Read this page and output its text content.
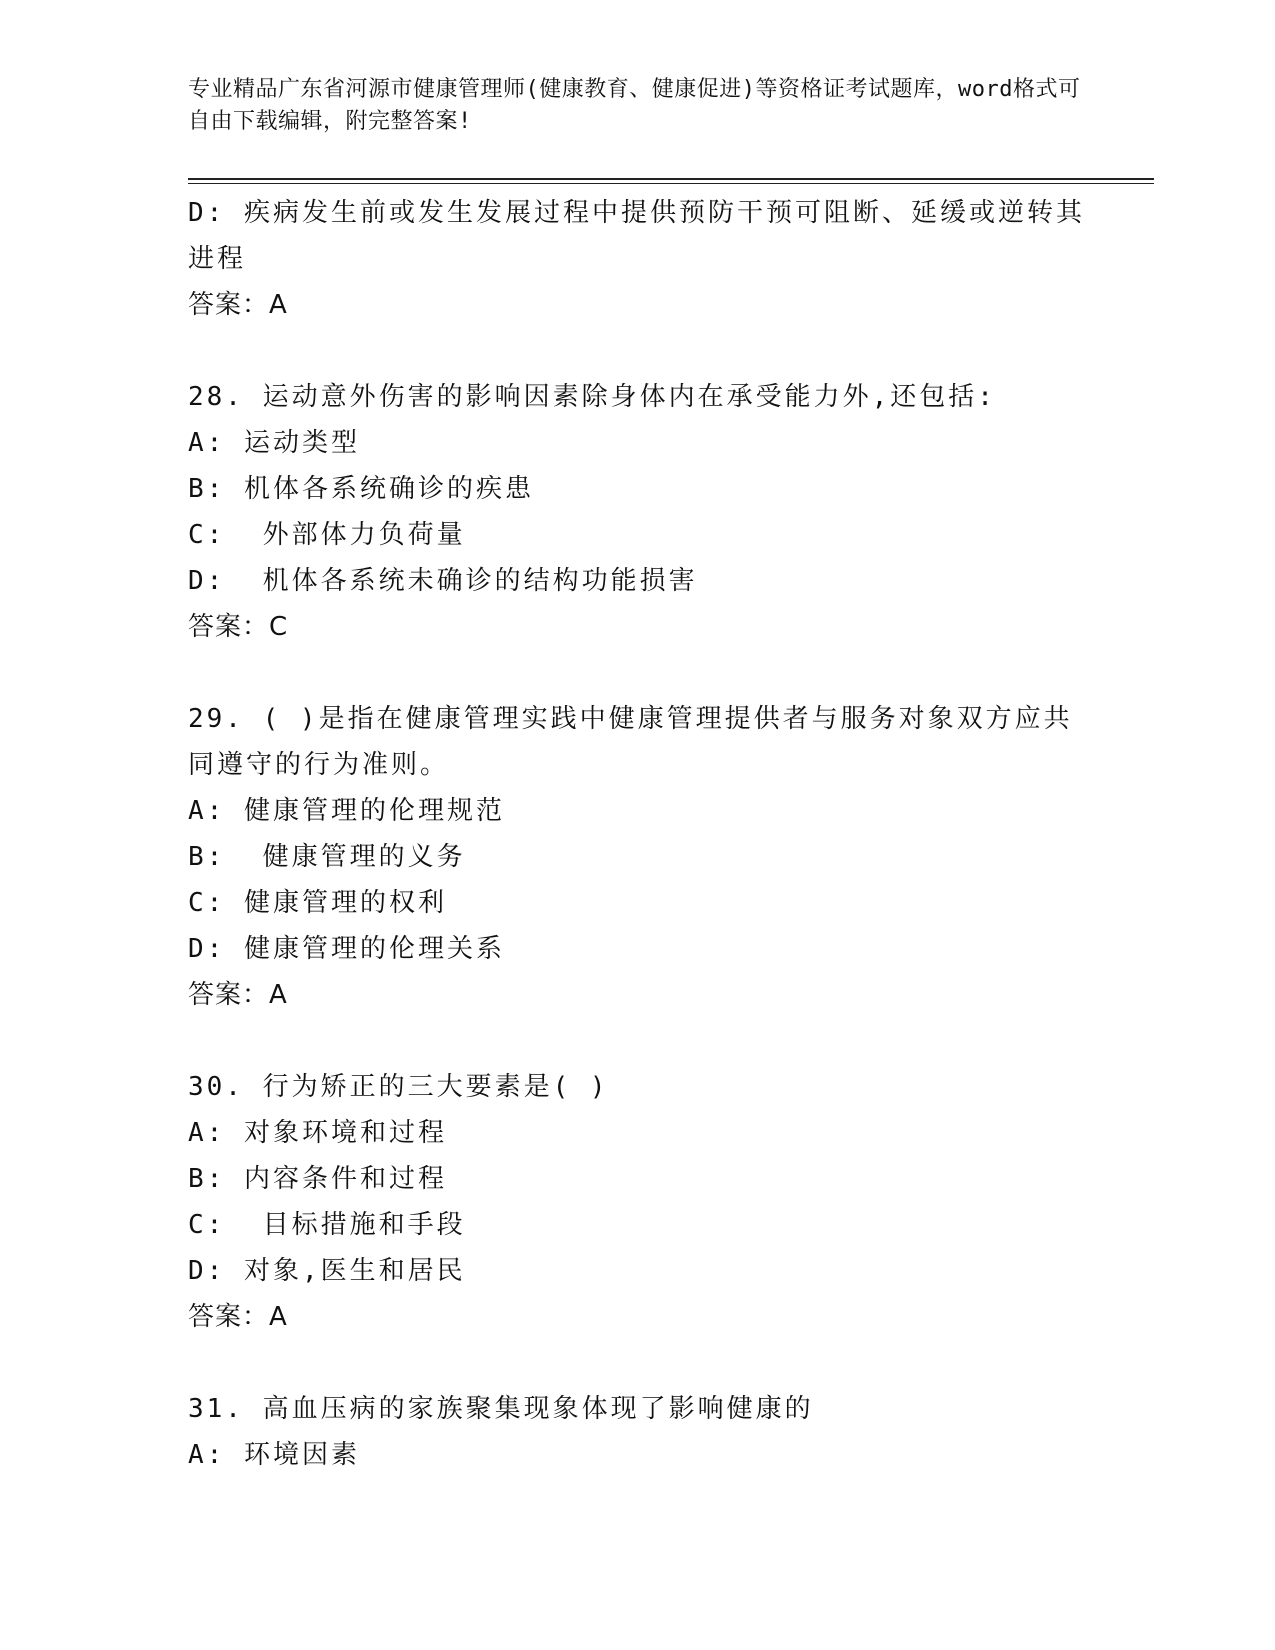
专业精品广东省河源市健康管理师(健康教育、健康促进)等资格证考试题库，word格式可自由下载编辑，附完整答案!
D: 疾病发生前或发生发展过程中提供预防干预可阻断、延缓或逆转其进程
答案：A
28. 运动意外伤害的影响因素除身体内在承受能力外,还包括:
A: 运动类型
B: 机体各系统确诊的疾患
C:  外部体力负荷量
D:  机体各系统未确诊的结构功能损害
答案：C
29. ( )是指在健康管理实践中健康管理提供者与服务对象双方应共同遵守的行为准则。
A: 健康管理的伦理规范
B:  健康管理的义务
C: 健康管理的权利
D: 健康管理的伦理关系
答案：A
30. 行为矫正的三大要素是( )
A: 对象环境和过程
B: 内容条件和过程
C:  目标措施和手段
D: 对象,医生和居民
答案：A
31. 高血压病的家族聚集现象体现了影响健康的
A: 环境因素
